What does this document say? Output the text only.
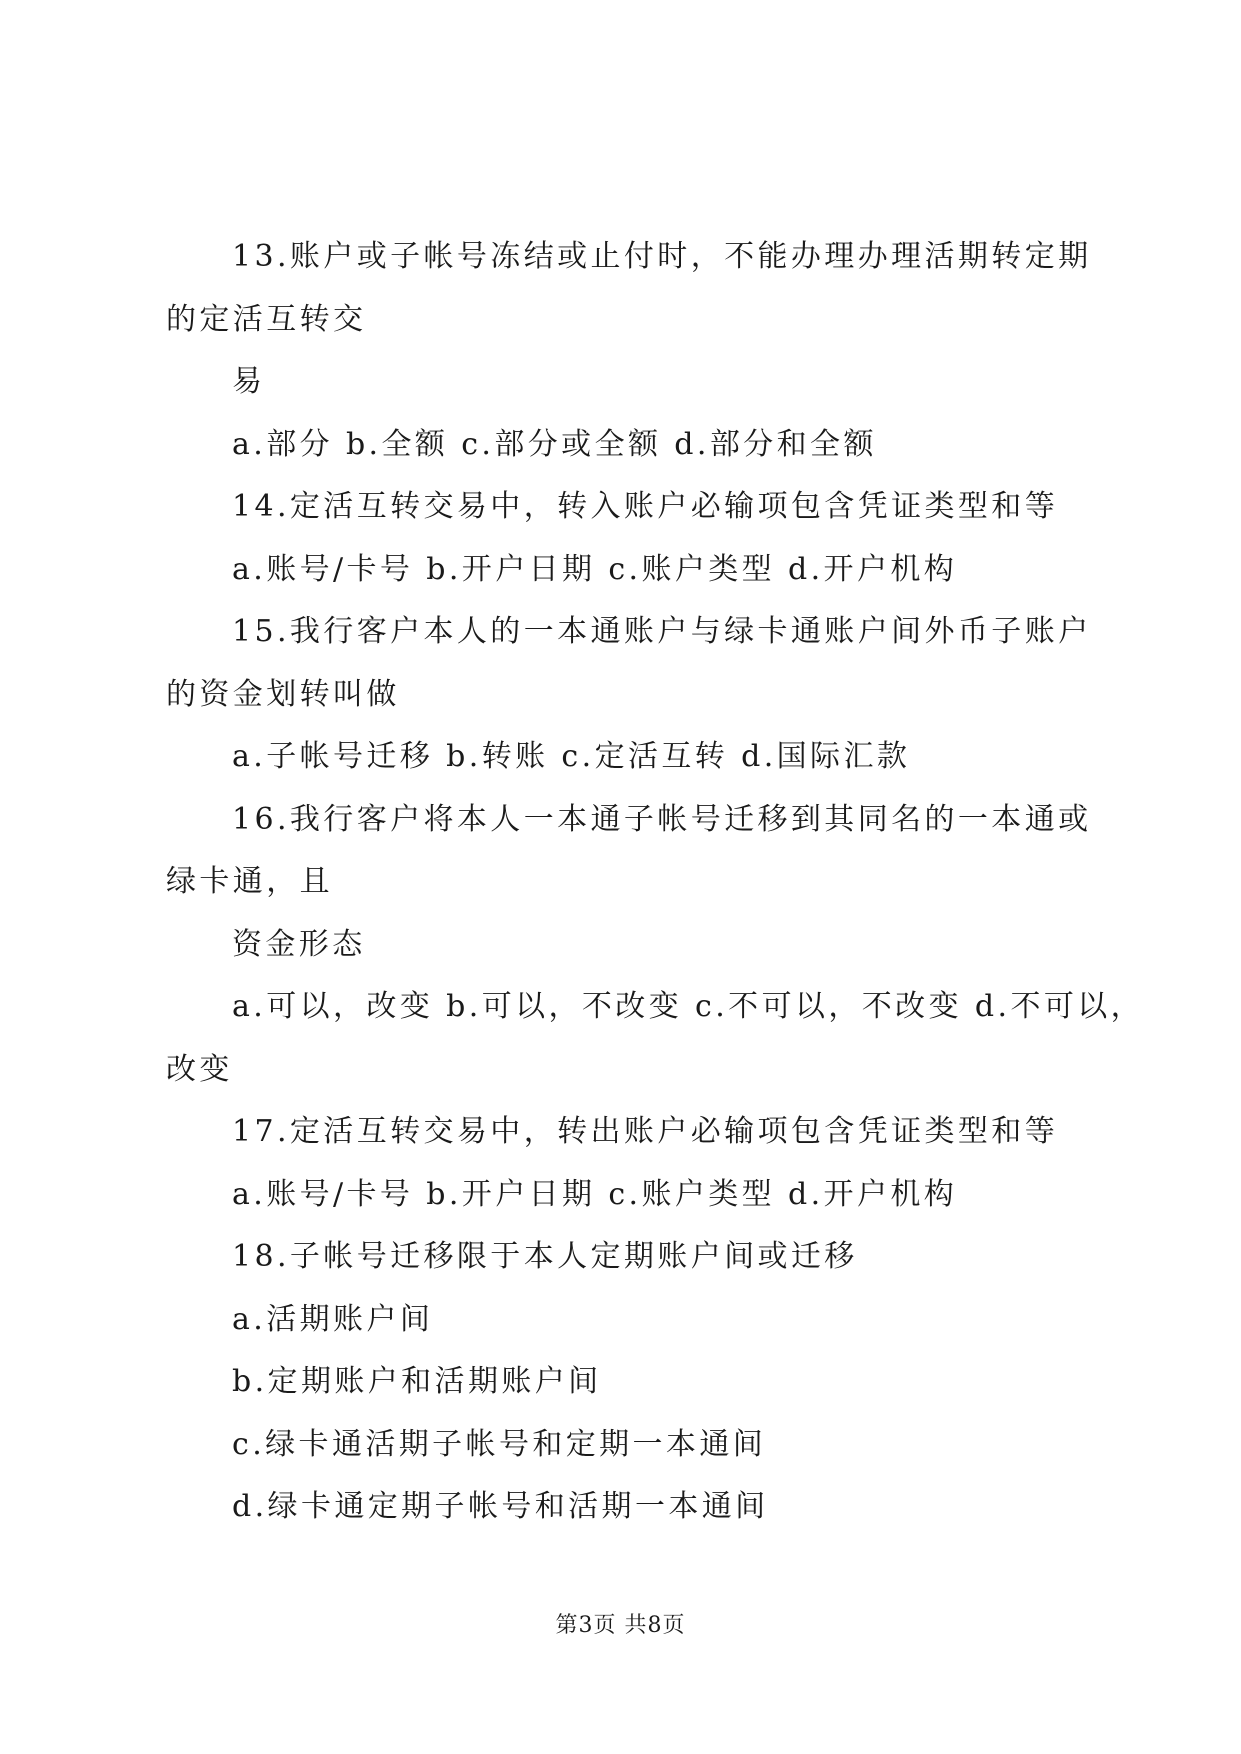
13.账户或子帐号冻结或止付时，不能办理办理活期转定期
的定活互转交
易
a.部分 b.全额 c.部分或全额 d.部分和全额
14.定活互转交易中，转入账户必输项包含凭证类型和等
a.账号/卡号 b.开户日期 c.账户类型 d.开户机构
15.我行客户本人的一本通账户与绿卡通账户间外币子账户
的资金划转叫做
a.子帐号迁移 b.转账 c.定活互转 d.国际汇款
16.我行客户将本人一本通子帐号迁移到其同名的一本通或
绿卡通，且
资金形态
a.可以，改变 b.可以，不改变 c.不可以，不改变 d.不可以，
改变
17.定活互转交易中，转出账户必输项包含凭证类型和等
a.账号/卡号 b.开户日期 c.账户类型 d.开户机构
18.子帐号迁移限于本人定期账户间或迁移
a.活期账户间
b.定期账户和活期账户间
c.绿卡通活期子帐号和定期一本通间
d.绿卡通定期子帐号和活期一本通间
第3页 共8页
